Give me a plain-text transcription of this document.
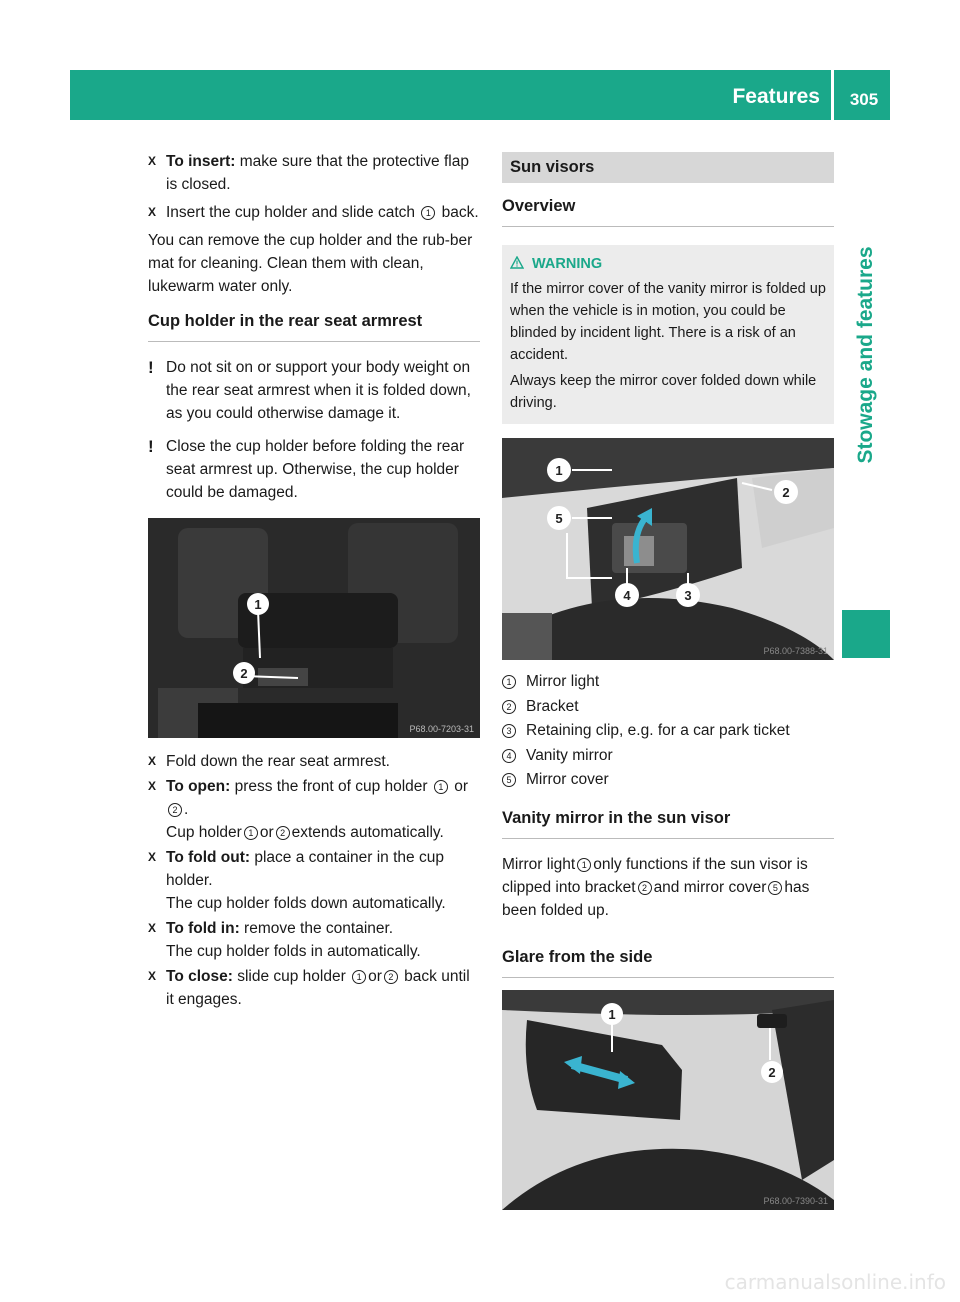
Features	305
Stowage and features
X To insert: make sure that the protective flap is closed.
X Insert the cup holder and slide catch 1 back.

You can remove the cup holder and the rub-ber mat for cleaning. Clean them with clean, lukewarm water only.

Cup holder in the rear seat armrest
! Do not sit on or support your body weight on the rear seat armrest when it is folded down, as you could otherwise damage it.
! Close the cup holder before folding the rear seat armrest up. Otherwise, the cup holder could be damaged.
1
2
P68.00-7203-31
X Fold down the rear seat armrest.
X To open: press the front of cup holder 1 or2 .
Cup holder 1 or 2 extends automatically.
X To fold out: place a container in the cup holder.
The cup holder folds down automatically.
X To fold in: remove the container.
The cup holder folds in automatically.
X To close: slide cup holder 1 or 2 back until it engages.
Sun visors
Overview
WARNING

If the mirror cover of the vanity mirror is folded up when the vehicle is in motion, you could be blinded by incident light. There is a risk of an accident.

Always keep the mirror cover folded down while driving.

1
2
3
4
5
P68.00-7388-31
1 Mirror light
2 Bracket
3 Retaining clip, e.g. for a car park ticket
4 Vanity mirror
5 Mirror cover
Vanity mirror in the sun visor

Mirror light 1 only functions if the sun visor is clipped into bracket 2 and mirror cover 5 has been folded up.

Glare from the side
1
2
P68.00-7390-31
carmanualsonline.info
